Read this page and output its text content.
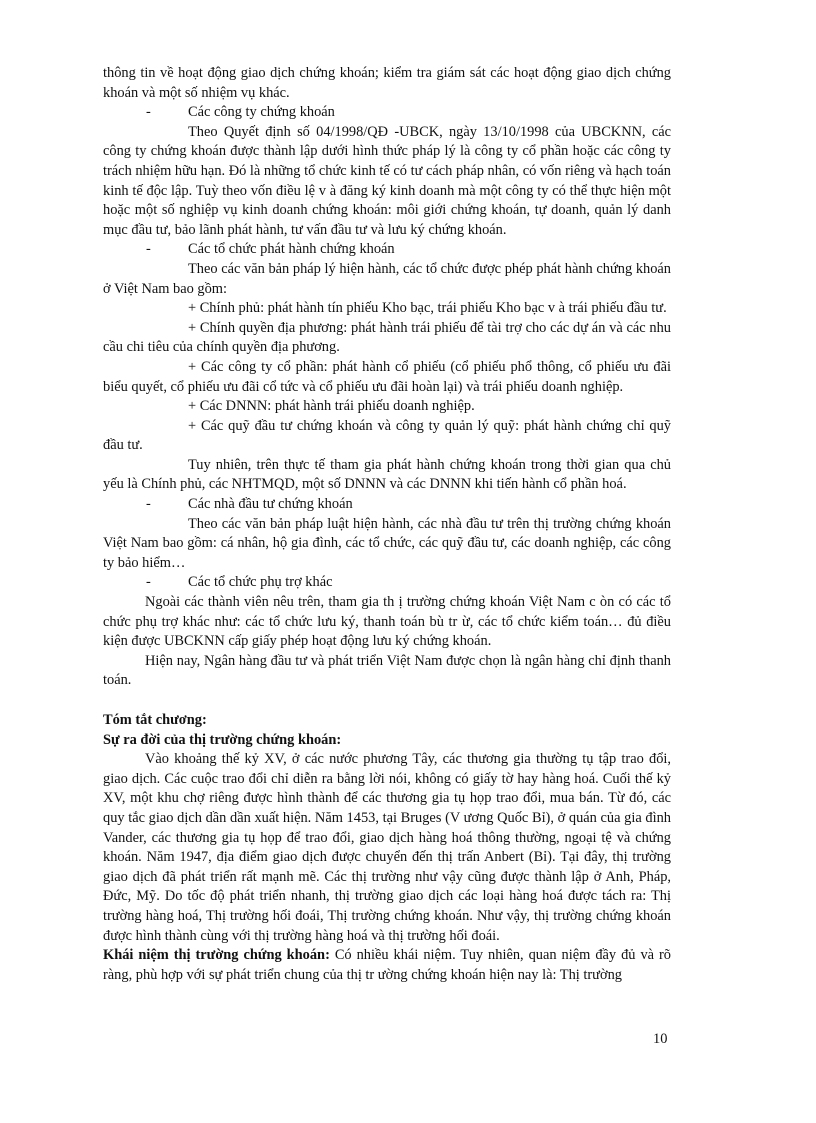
thông tin về hoạt động giao dịch chứng khoán; kiểm tra giám sát các hoạt động giao dịch chứng khoán và một số nhiệm vụ khác.

-	Các công ty chứng khoán

Theo Quyết định số 04/1998/QĐ -UBCK, ngày 13/10/1998 của UBCKNN, các công ty chứng khoán được thành lập dưới hình thức pháp lý là công ty cổ phần hoặc các công ty trách nhiệm hữu hạn. Đó là những tổ chức kinh tế có tư cách pháp nhân, có vốn riêng và hạch toán kinh tế độc lập. Tuỳ theo vốn điều lệ v à đăng ký kinh doanh mà một công ty có thể thực hiện một hoặc một số nghiệp vụ kinh doanh chứng khoán: môi giới chứng khoán, tự doanh, quản lý danh mục đầu tư, bảo lãnh phát hành, tư vấn đầu tư và lưu ký chứng khoán.

-	Các tổ chức phát hành chứng khoán

Theo các văn bản pháp lý hiện hành, các tổ chức được phép phát hành chứng khoán ở Việt Nam bao gồm:

+ Chính phủ: phát hành tín phiếu Kho bạc, trái phiếu Kho bạc v à trái phiếu đầu tư.

+ Chính quyền địa phương: phát hành trái phiếu để tài trợ cho các dự án và các nhu cầu chi tiêu của chính quyền địa phương.

+ Các công ty cổ phần: phát hành cổ phiếu (cổ phiếu phổ thông, cổ phiếu ưu đãi biểu quyết, cổ phiếu ưu đãi cổ tức và cổ phiếu ưu đãi hoàn lại) và trái phiếu doanh nghiệp.

+ Các DNNN: phát hành trái phiếu doanh nghiệp.

+ Các quỹ đầu tư chứng khoán và công ty quản lý quỹ: phát hành chứng chỉ quỹ đầu tư.

Tuy nhiên, trên thực tế tham gia phát hành chứng khoán trong thời gian qua chủ yếu là Chính phủ, các NHTMQD, một số DNNN và các DNNN khi tiến hành cổ phần hoá.

-	Các nhà đầu tư chứng khoán

Theo các văn bản pháp luật hiện hành, các nhà đầu tư trên thị trường chứng khoán Việt Nam bao gồm: cá nhân, hộ gia đình, các tổ chức, các quỹ đầu tư, các doanh nghiệp, các công ty bảo hiểm…

-	Các tổ chức phụ trợ khác

Ngoài các thành viên nêu trên, tham gia th ị trường chứng khoán Việt Nam c òn có các tổ chức phụ trợ khác như: các tổ chức lưu ký, thanh toán bù tr ừ, các tổ chức kiểm toán… đủ điều kiện được UBCKNN cấp giấy phép hoạt động lưu ký chứng khoán.

Hiện nay, Ngân hàng đầu tư và phát triển Việt Nam được chọn là ngân hàng chỉ định thanh toán.

Tóm tắt chương:

Sự ra đời của thị trường chứng khoán:

Vào khoảng thế kỷ XV, ở các nước phương Tây, các thương gia thường tụ tập trao đổi, giao dịch. Các cuộc trao đổi chỉ diễn ra bằng lời nói, không có giấy tờ hay hàng hoá. Cuối thế kỷ XV, một khu chợ riêng được hình thành để các thương gia tụ họp trao đổi, mua bán. Từ đó, các quy tắc giao dịch dần dần xuất hiện. Năm 1453, tại Bruges (V ương Quốc Bỉ), ở quán của gia đình Vander, các thương gia tụ họp để trao đổi, giao dịch hàng hoá thông thường, ngoại tệ và chứng khoán. Năm 1947, địa điểm giao dịch được chuyển đến thị trấn Anbert (Bỉ). Tại đây, thị trường giao dịch đã phát triển rất mạnh mẽ. Các thị trường như vậy cũng được thành lập ở Anh, Pháp, Đức, Mỹ. Do tốc độ phát triển nhanh, thị trường giao dịch các loại hàng hoá được tách ra: Thị trường hàng hoá, Thị trường hối đoái, Thị trường chứng khoán. Như vậy, thị trường chứng khoán được hình thành cùng với thị trường hàng hoá và thị trường hối đoái.

Khái niệm thị trường chứng khoán: Có nhiều khái niệm. Tuy nhiên, quan niệm đầy đủ và rõ ràng, phù hợp với sự phát triển chung của thị tr ường chứng khoán hiện nay là: Thị trường

10
